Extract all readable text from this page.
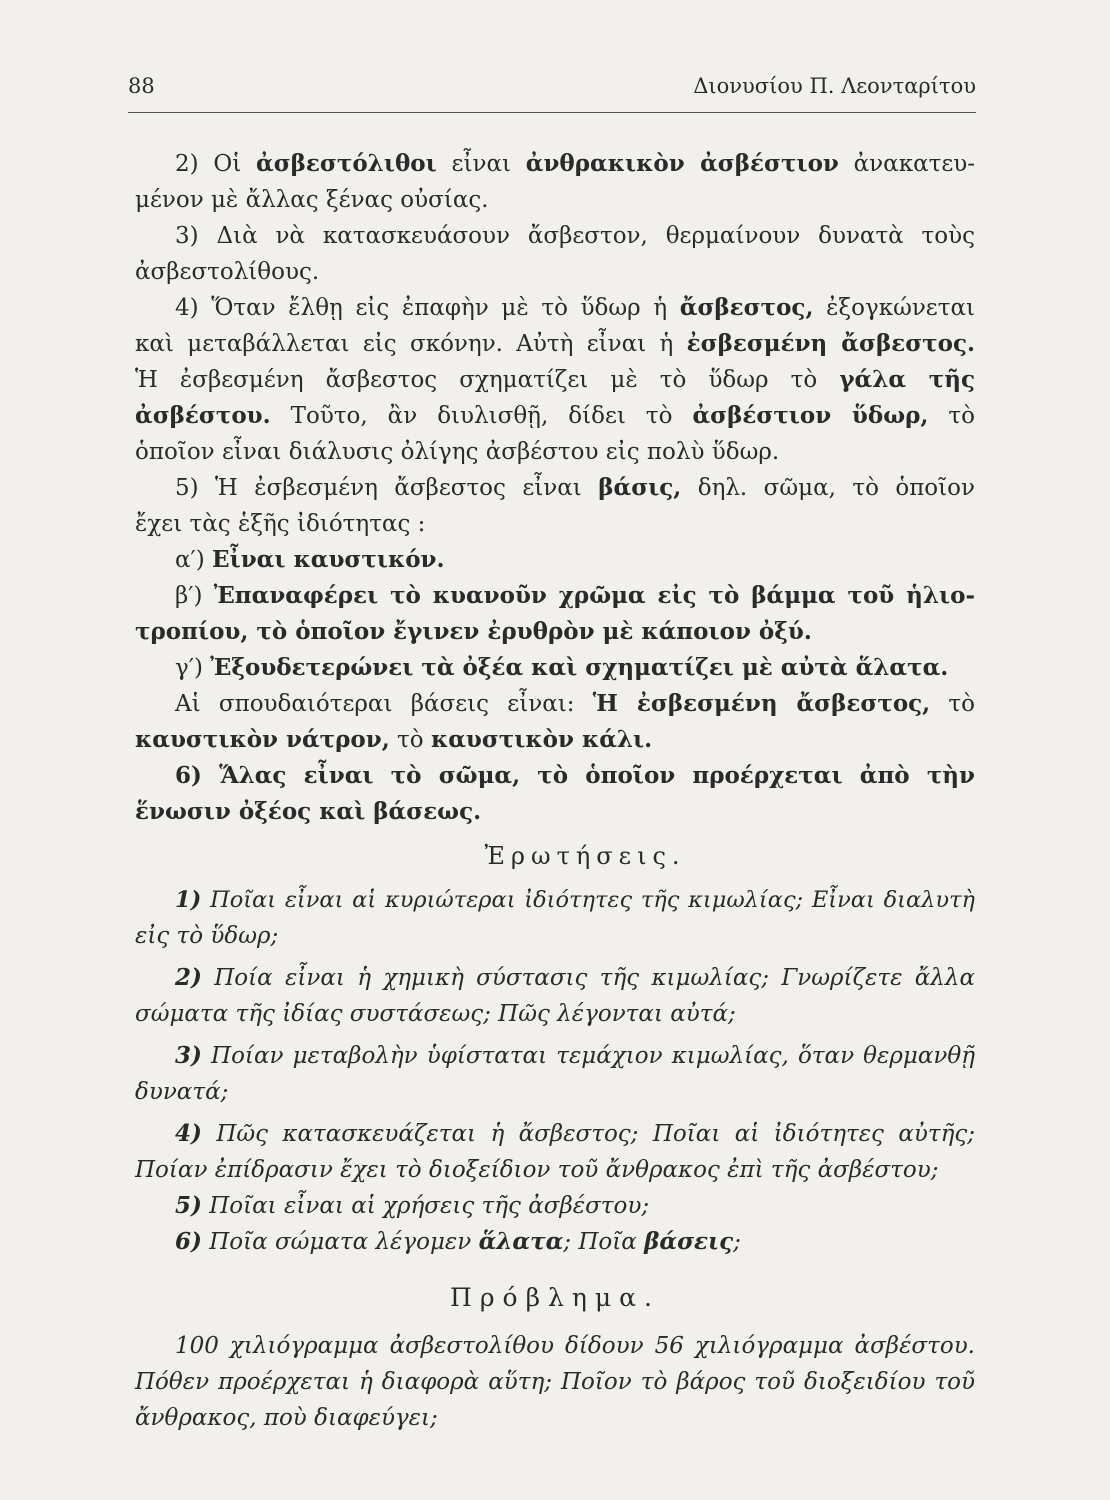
88	Διονυσίου Π. Λεονταρίτου
2) Οἱ ἀσβεστόλιθοι εἶναι ἀνθρακικὸν ἀσβέστιον ἀνακατευ-
μένον μὲ ἄλλας ξένας οὐσίας.
3) Διὰ νὰ κατασκευάσουν ἄσβεστον, θερμαίνουν δυνατὰ τοὺς
ἀσβεστολίθους.
4) Ὅταν ἔλθῃ εἰς ἐπαφὴν μὲ τὸ ὕδωρ ἡ ἄσβεστος, ἐξογκώνεται
καὶ μεταβάλλεται εἰς σκόνην. Αὐτὴ εἶναι ἡ ἐσβεσμένη ἄσβεστος.
Ἡ ἐσβεσμένη ἄσβεστος σχηματίζει μὲ τὸ ὕδωρ τὸ γάλα τῆς
ἀσβέστου. Τοῦτο, ἂν διυλισθῇ, δίδει τὸ ἀσβέστιον ὕδωρ, τὸ
ὁποῖον εἶναι διάλυσις ὀλίγης ἀσβέστου εἰς πολὺ ὕδωρ.
5) Ἡ ἐσβεσμένη ἄσβεστος εἶναι βάσις, δηλ. σῶμα, τὸ ὁποῖον
ἔχει τὰς ἑξῆς ἰδιότητας :
α′) Εἶναι καυστικόν.
β′) Ἐπαναφέρει τὸ κυανοῦν χρῶμα εἰς τὸ βάμμα τοῦ ἡλιο-
τροπίου, τὸ ὁποῖον ἔγινεν ἐρυθρὸν μὲ κάποιον ὀξύ.
γ′) Ἐξουδετερώνει τὰ ὀξέα καὶ σχηματίζει μὲ αὐτὰ ἅλατα.
Αἱ σπουδαιότεραι βάσεις εἶναι: Ἡ ἐσβεσμένη ἄσβεστος, τὸ
καυστικὸν νάτρον, τὸ καυστικὸν κάλι.
6) Ἅλας εἶναι τὸ σῶμα, τὸ ὁποῖον προέρχεται ἀπὸ τὴν
ἕνωσιν ὀξέος καὶ βάσεως.
Ἐρωτήσεις.
1) Ποῖαι εἶναι αἱ κυριώτεραι ἰδιότητες τῆς κιμωλίας; Εἶναι διαλυτὴ
εἰς τὸ ὕδωρ;
2) Ποία εἶναι ἡ χημικὴ σύστασις τῆς κιμωλίας; Γνωρίζετε ἄλλα
σώματα τῆς ἰδίας συστάσεως; Πῶς λέγονται αὐτά;
3) Ποίαν μεταβολὴν ὑφίσταται τεμάχιον κιμωλίας, ὅταν θερμανθῇ
δυνατά;
4) Πῶς κατασκευάζεται ἡ ἄσβεστος; Ποῖαι αἱ ἰδιότητες αὐτῆς;
Ποίαν ἐπίδρασιν ἔχει τὸ διοξείδιον τοῦ ἄνθρακος ἐπὶ τῆς ἀσβέστου;
5) Ποῖαι εἶναι αἱ χρήσεις τῆς ἀσβέστου;
6) Ποῖα σώματα λέγομεν ἅλατα; Ποῖα βάσεις;
Πρόβλημα.
100 χιλιόγραμμα ἀσβεστολίθου δίδουν 56 χιλιόγραμμα ἀσβέστου.
Πόθεν προέρχεται ἡ διαφορὰ αὕτη; Ποῖον τὸ βάρος τοῦ διοξειδίου τοῦ
ἄνθρακος, ποὺ διαφεύγει;
